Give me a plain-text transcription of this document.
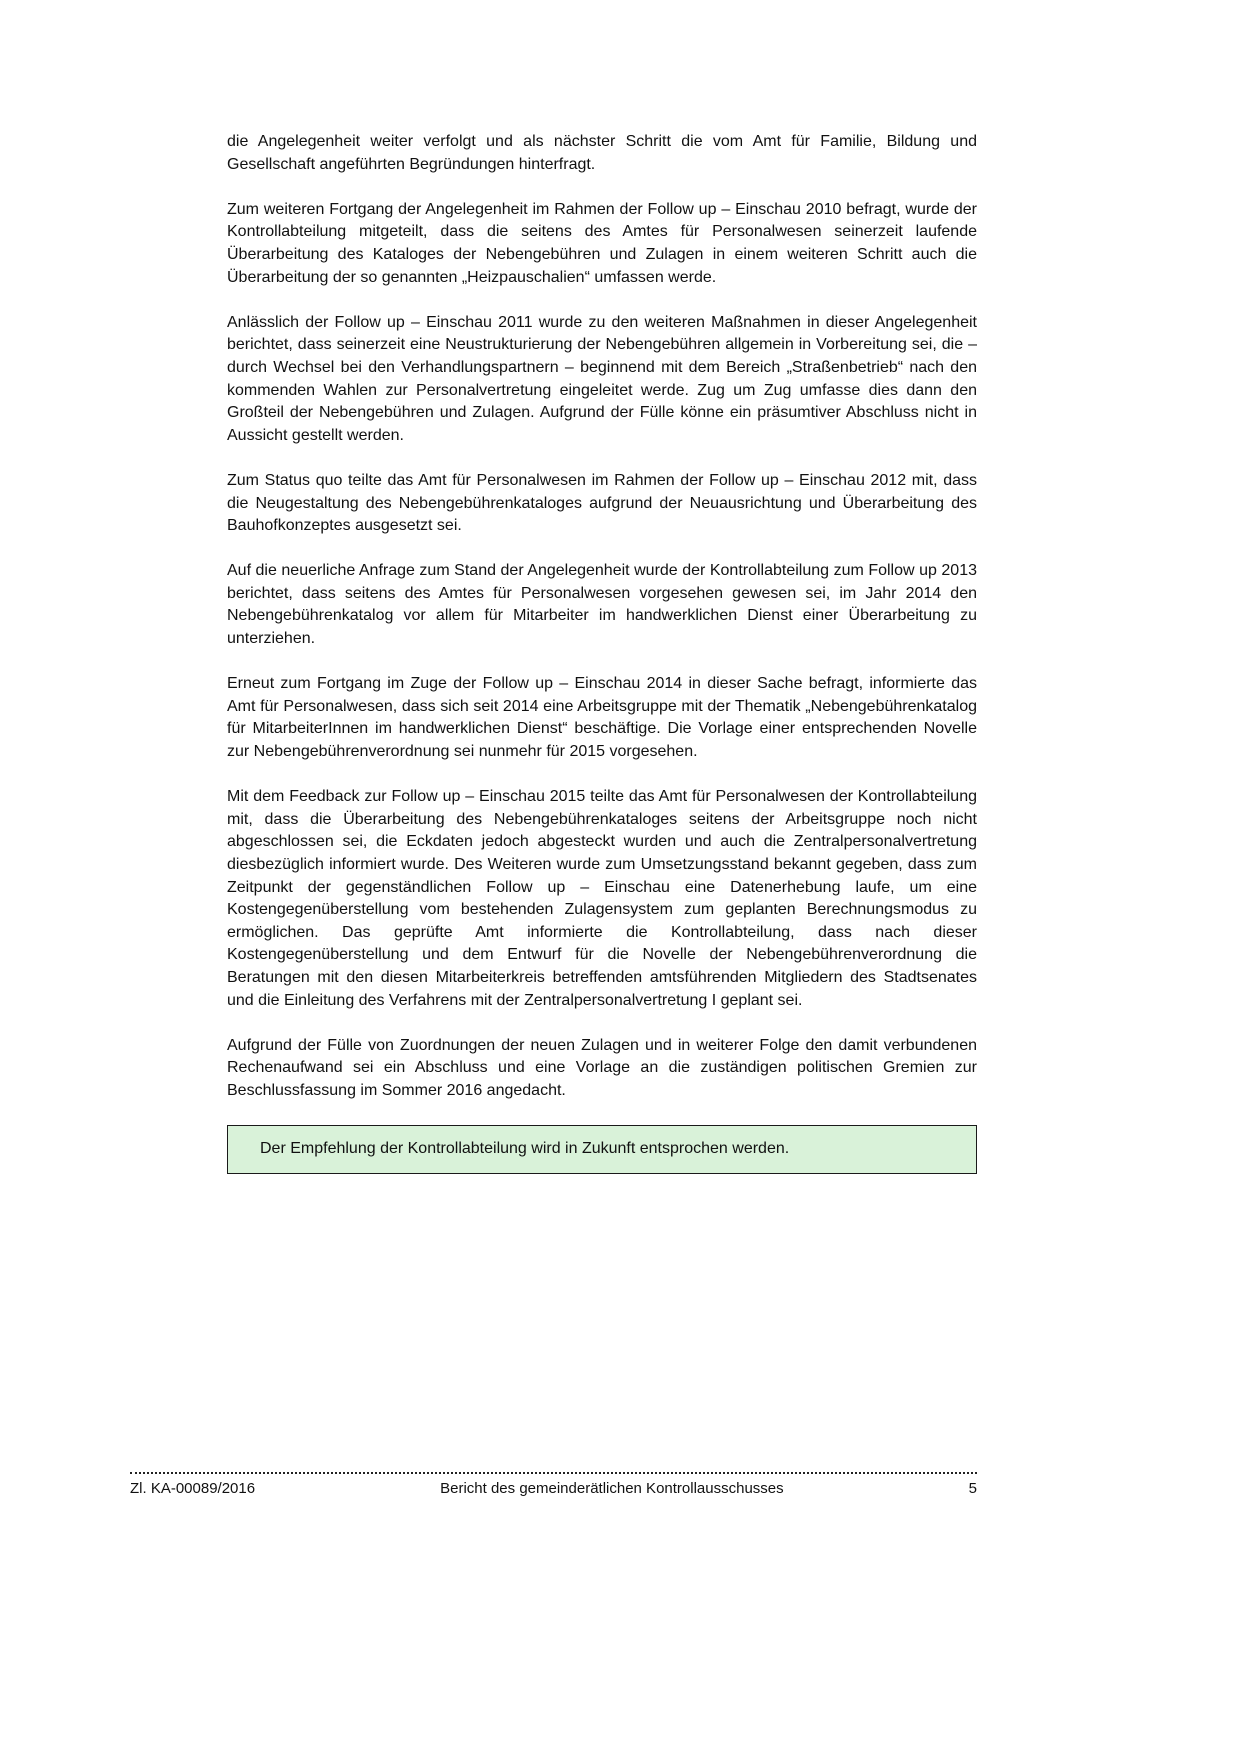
die Angelegenheit weiter verfolgt und als nächster Schritt die vom Amt für Familie, Bildung und Gesellschaft angeführten Begründungen hinterfragt.

Zum weiteren Fortgang der Angelegenheit im Rahmen der Follow up – Einschau 2010 befragt, wurde der Kontrollabteilung mitgeteilt, dass die seitens des Amtes für Personalwesen seinerzeit laufende Überarbeitung des Kataloges der Nebengebühren und Zulagen in einem weiteren Schritt auch die Überarbeitung der so genannten „Heizpauschalien“ umfassen werde.

Anlässlich der Follow up – Einschau 2011 wurde zu den weiteren Maßnahmen in dieser Angelegenheit berichtet, dass seinerzeit eine Neustrukturierung der Nebengebühren allgemein in Vorbereitung sei, die – durch Wechsel bei den Verhandlungspartnern – beginnend mit dem Bereich „Straßenbetrieb“ nach den kommenden Wahlen zur Personalvertretung eingeleitet werde. Zug um Zug umfasse dies dann den Großteil der Nebengebühren und Zulagen. Aufgrund der Fülle könne ein präsumtiver Abschluss nicht in Aussicht gestellt werden.

Zum Status quo teilte das Amt für Personalwesen im Rahmen der Follow up – Einschau 2012 mit, dass die Neugestaltung des Nebengebührenkataloges aufgrund der Neuausrichtung und Überarbeitung des Bauhofkonzeptes ausgesetzt sei.

Auf die neuerliche Anfrage zum Stand der Angelegenheit wurde der Kontrollabteilung zum Follow up 2013 berichtet, dass seitens des Amtes für Personalwesen vorgesehen gewesen sei, im Jahr 2014 den Nebengebührenkatalog vor allem für Mitarbeiter im handwerklichen Dienst einer Überarbeitung zu unterziehen.

Erneut zum Fortgang im Zuge der Follow up – Einschau 2014 in dieser Sache befragt, informierte das Amt für Personalwesen, dass sich seit 2014 eine Arbeitsgruppe mit der Thematik „Nebengebührenkatalog für MitarbeiterInnen im handwerklichen Dienst“ beschäftige. Die Vorlage einer entsprechenden Novelle zur Nebengebührenverordnung sei nunmehr für 2015 vorgesehen.

Mit dem Feedback zur Follow up – Einschau 2015 teilte das Amt für Personalwesen der Kontrollabteilung mit, dass die Überarbeitung des Nebengebührenkataloges seitens der Arbeitsgruppe noch nicht abgeschlossen sei, die Eckdaten jedoch abgesteckt wurden und auch die Zentralpersonalvertretung diesbezüglich informiert wurde. Des Weiteren wurde zum Umsetzungsstand bekannt gegeben, dass zum Zeitpunkt der gegenständlichen Follow up – Einschau eine Datenerhebung laufe, um eine Kostengegenüberstellung vom bestehenden Zulagensystem zum geplanten Berechnungsmodus zu ermöglichen. Das geprüfte Amt informierte die Kontrollabteilung, dass nach dieser Kostengegenüberstellung und dem Entwurf für die Novelle der Nebengebührenverordnung die Beratungen mit den diesen Mitarbeiterkreis betreffenden amtsführenden Mitgliedern des Stadtsenates und die Einleitung des Verfahrens mit der Zentralpersonalvertretung I geplant sei.

Aufgrund der Fülle von Zuordnungen der neuen Zulagen und in weiterer Folge den damit verbundenen Rechenaufwand sei ein Abschluss und eine Vorlage an die zuständigen politischen Gremien zur Beschlussfassung im Sommer 2016 angedacht.

Der Empfehlung der Kontrollabteilung wird in Zukunft entsprochen werden.
Zl. KA-00089/2016	Bericht des gemeinderätlichen Kontrollausschusses	5
